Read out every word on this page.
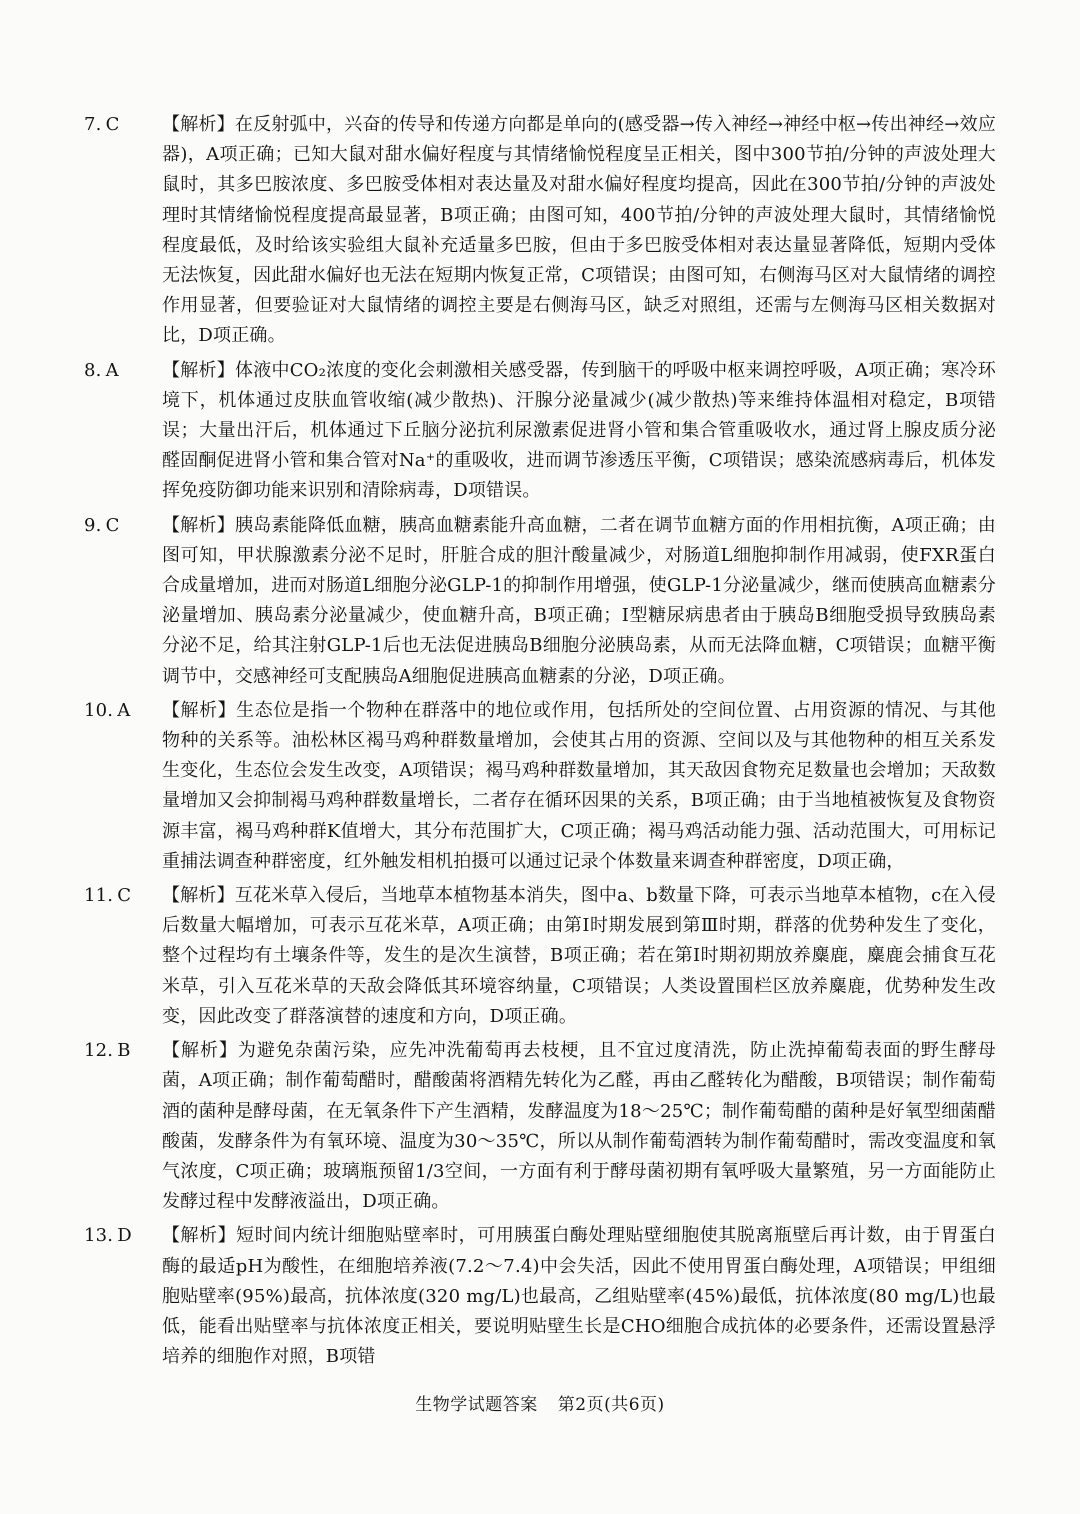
7. C	【解析】在反射弧中，兴奋的传导和传递方向都是单向的(感受器→传入神经→神经中枢→传出神经→效应器)，A项正确；已知大鼠对甜水偏好程度与其情绪愉悦程度呈正相关，图中300节拍/分钟的声波处理大鼠时，其多巴胺浓度、多巴胺受体相对表达量及对甜水偏好程度均提高，因此在300节拍/分钟的声波处理时其情绪愉悦程度提高最显著，B项正确；由图可知，400节拍/分钟的声波处理大鼠时，其情绪愉悦程度最低，及时给该实验组大鼠补充适量多巴胺，但由于多巴胺受体相对表达量显著降低，短期内受体无法恢复，因此甜水偏好也无法在短期内恢复正常，C项错误；由图可知，右侧海马区对大鼠情绪的调控作用显著，但要验证对大鼠情绪的调控主要是右侧海马区，缺乏对照组，还需与左侧海马区相关数据对比，D项正确。
8. A	【解析】体液中CO₂浓度的变化会刺激相关感受器，传到脑干的呼吸中枢来调控呼吸，A项正确；寒冷环境下，机体通过皮肤血管收缩(减少散热)、汗腺分泌量减少(减少散热)等来维持体温相对稳定，B项错误；大量出汗后，机体通过下丘脑分泌抗利尿激素促进肾小管和集合管重吸收水，通过肾上腺皮质分泌醛固酮促进肾小管和集合管对Na⁺的重吸收，进而调节渗透压平衡，C项错误；感染流感病毒后，机体发挥免疫防御功能来识别和清除病毒，D项错误。
9. C	【解析】胰岛素能降低血糖，胰高血糖素能升高血糖，二者在调节血糖方面的作用相抗衡，A项正确；由图可知，甲状腺激素分泌不足时，肝脏合成的胆汁酸量减少，对肠道L细胞抑制作用减弱，使FXR蛋白合成量增加，进而对肠道L细胞分泌GLP-1的抑制作用增强，使GLP-1分泌量减少，继而使胰高血糖素分泌量增加、胰岛素分泌量减少，使血糖升高，B项正确；Ⅰ型糖尿病患者由于胰岛B细胞受损导致胰岛素分泌不足，给其注射GLP-1后也无法促进胰岛B细胞分泌胰岛素，从而无法降血糖，C项错误；血糖平衡调节中，交感神经可支配胰岛A细胞促进胰高血糖素的分泌，D项正确。
10. A	【解析】生态位是指一个物种在群落中的地位或作用，包括所处的空间位置、占用资源的情况、与其他物种的关系等。油松林区褐马鸡种群数量增加，会使其占用的资源、空间以及与其他物种的相互关系发生变化，生态位会发生改变，A项错误；褐马鸡种群数量增加，其天敌因食物充足数量也会增加；天敌数量增加又会抑制褐马鸡种群数量增长，二者存在循环因果的关系，B项正确；由于当地植被恢复及食物资源丰富，褐马鸡种群K值增大，其分布范围扩大，C项正确；褐马鸡活动能力强、活动范围大，可用标记重捕法调查种群密度，红外触发相机拍摄可以通过记录个体数量来调查种群密度，D项正确，
11. C	【解析】互花米草入侵后，当地草本植物基本消失，图中a、b数量下降，可表示当地草本植物，c在入侵后数量大幅增加，可表示互花米草，A项正确；由第Ⅰ时期发展到第Ⅲ时期，群落的优势种发生了变化，整个过程均有土壤条件等，发生的是次生演替，B项正确；若在第Ⅰ时期初期放养麋鹿，麋鹿会捕食互花米草，引入互花米草的天敌会降低其环境容纳量，C项错误；人类设置围栏区放养麋鹿，优势种发生改变，因此改变了群落演替的速度和方向，D项正确。
12. B	【解析】为避免杂菌污染，应先冲洗葡萄再去枝梗，且不宜过度清洗，防止洗掉葡萄表面的野生酵母菌，A项正确；制作葡萄醋时，醋酸菌将酒精先转化为乙醛，再由乙醛转化为醋酸，B项错误；制作葡萄酒的菌种是酵母菌，在无氧条件下产生酒精，发酵温度为18～25℃；制作葡萄醋的菌种是好氧型细菌醋酸菌，发酵条件为有氧环境、温度为30～35℃，所以从制作葡萄酒转为制作葡萄醋时，需改变温度和氧气浓度，C项正确；玻璃瓶预留1/3空间，一方面有利于酵母菌初期有氧呼吸大量繁殖，另一方面能防止发酵过程中发酵液溢出，D项正确。
13. D	【解析】短时间内统计细胞贴壁率时，可用胰蛋白酶处理贴壁细胞使其脱离瓶壁后再计数，由于胃蛋白酶的最适pH为酸性，在细胞培养液(7.2～7.4)中会失活，因此不使用胃蛋白酶处理，A项错误；甲组细胞贴壁率(95%)最高，抗体浓度(320 mg/L)也最高，乙组贴壁率(45%)最低，抗体浓度(80 mg/L)也最低，能看出贴壁率与抗体浓度正相关，要说明贴壁生长是CHO细胞合成抗体的必要条件，还需设置悬浮培养的细胞作对照，B项错
生物学试题答案 第2页(共6页)
